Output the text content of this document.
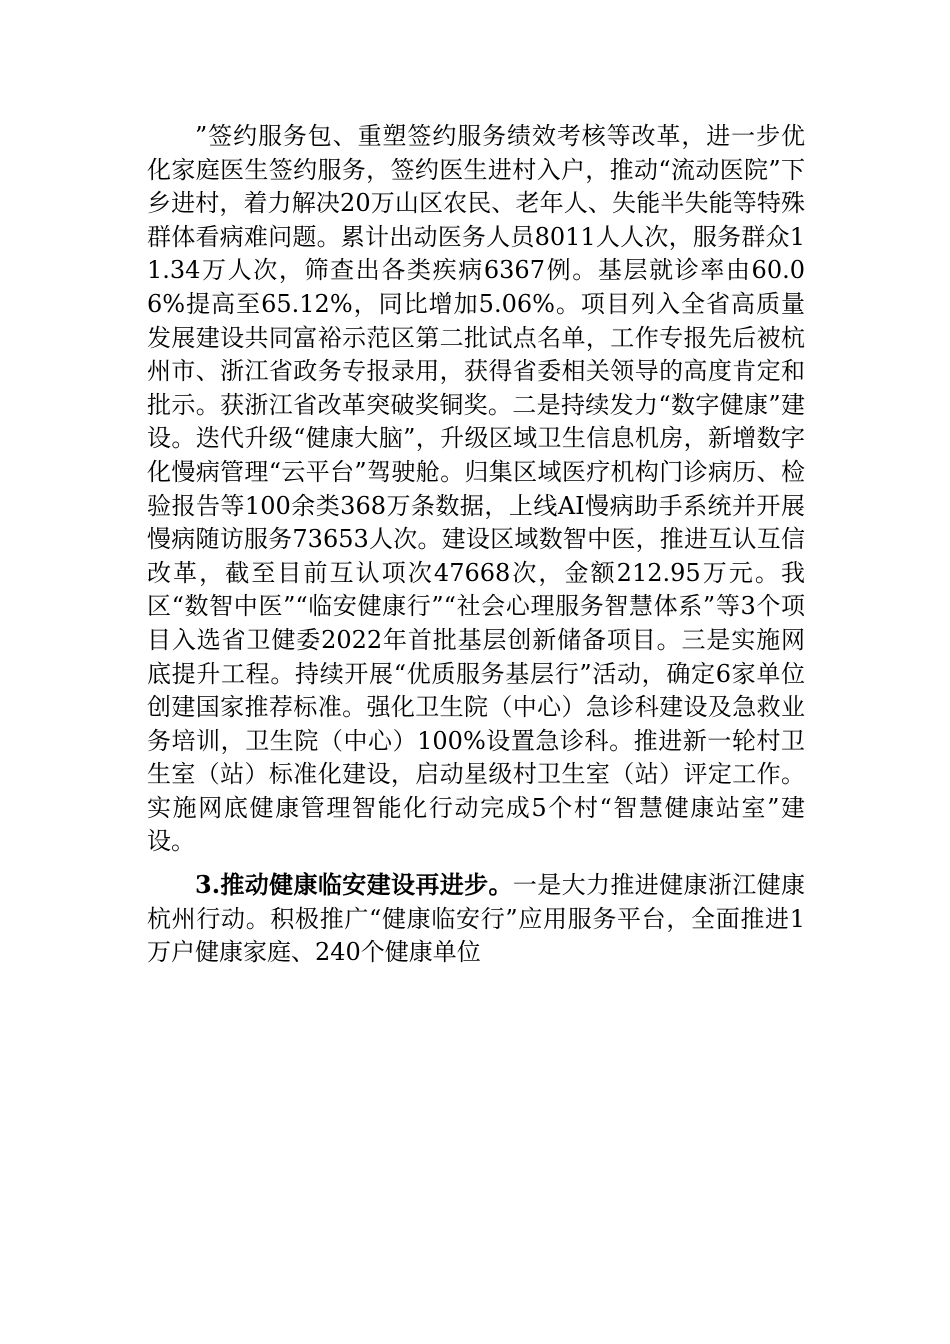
”签约服务包、重塑签约服务绩效考核等改革，进一步优化家庭医生签约服务，签约医生进村入户，推动“流动医院”下乡进村，着力解决20万山区农民、老年人、失能半失能等特殊群体看病难问题。累计出动医务人员8011人人次，服务群众11.34万人次，筛查出各类疾病6367例。基层就诊率由60.06%提高至65.12%，同比增加5.06%。项目列入全省高质量发展建设共同富裕示范区第二批试点名单，工作专报先后被杭州市、浙江省政务专报录用，获得省委相关领导的高度肯定和批示。获浙江省改革突破奖铜奖。二是持续发力“数字健康”建设。迭代升级“健康大脑”，升级区域卫生信息机房，新增数字化慢病管理“云平台”驾驶舱。归集区域医疗机构门诊病历、检验报告等100余类368万条数据，上线AI慢病助手系统并开展慢病随访服务73653人次。建设区域数智中医，推进互认互信改革，截至目前互认项次47668次，金额212.95万元。我区“数智中医”“临安健康行”“社会心理服务智慧体系”等3个项目入选省卫健委2022年首批基层创新储备项目。三是实施网底提升工程。持续开展“优质服务基层行”活动，确定6家单位创建国家推荐标准。强化卫生院（中心）急诊科建设及急救业务培训，卫生院（中心）100%设置急诊科。推进新一轮村卫生室（站）标准化建设，启动星级村卫生室（站）评定工作。实施网底健康管理智能化行动完成5个村“智慧健康站室”建设。

3.推动健康临安建设再进步。一是大力推进健康浙江健康杭州行动。积极推广“健康临安行”应用服务平台，全面推进1万户健康家庭、240个健康单位
